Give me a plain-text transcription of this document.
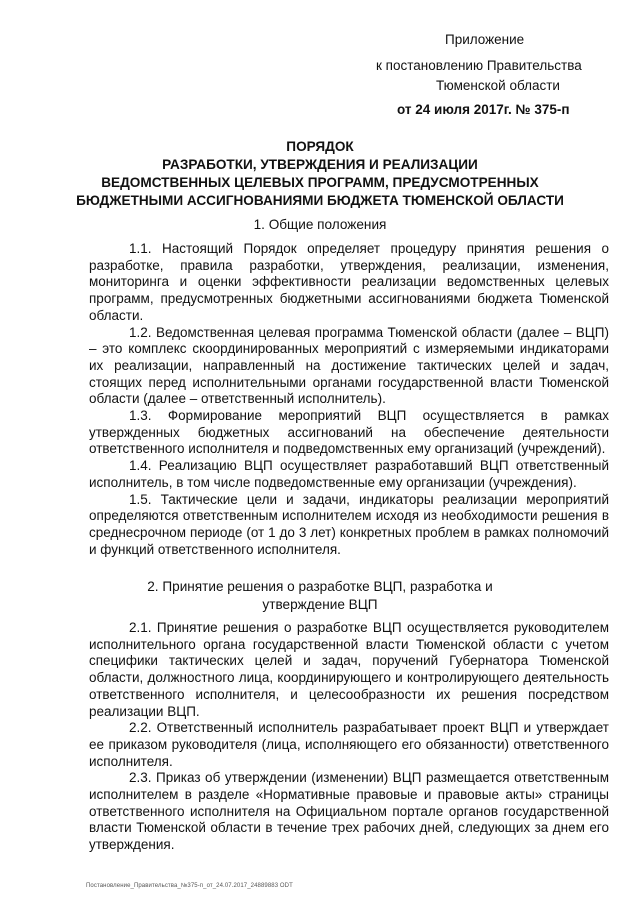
Приложение
к постановлению Правительства
Тюменской области
от 24 июля 2017г. № 375-п
ПОРЯДОК
РАЗРАБОТКИ, УТВЕРЖДЕНИЯ И РЕАЛИЗАЦИИ
ВЕДОМСТВЕННЫХ ЦЕЛЕВЫХ ПРОГРАММ, ПРЕДУСМОТРЕННЫХ
БЮДЖЕТНЫМИ АССИГНОВАНИЯМИ БЮДЖЕТА ТЮМЕНСКОЙ ОБЛАСТИ
1. Общие положения

1.1. Настоящий Порядок определяет процедуру принятия решения о разработке, правила разработки, утверждения, реализации, изменения, мониторинга и оценки эффективности реализации ведомственных целевых программ, предусмотренных бюджетными ассигнованиями бюджета Тюменской области.

1.2. Ведомственная целевая программа Тюменской области (далее – ВЦП) – это комплекс скоординированных мероприятий с измеряемыми индикаторами их реализации, направленный на достижение тактических целей и задач, стоящих перед исполнительными органами государственной власти Тюменской области (далее – ответственный исполнитель).

1.3. Формирование мероприятий ВЦП осуществляется в рамках утвержденных бюджетных ассигнований на обеспечение деятельности ответственного исполнителя и подведомственных ему организаций (учреждений).

1.4. Реализацию ВЦП осуществляет разработавший ВЦП ответственный исполнитель, в том числе подведомственные ему организации (учреждения).

1.5. Тактические цели и задачи, индикаторы реализации мероприятий определяются ответственным исполнителем исходя из необходимости решения в среднесрочном периоде (от 1 до 3 лет) конкретных проблем в рамках полномочий и функций ответственного исполнителя.

2. Принятие решения о разработке ВЦП, разработка и
утверждение ВЦП

2.1. Принятие решения о разработке ВЦП осуществляется руководителем исполнительного органа государственной власти Тюменской области с учетом специфики тактических целей и задач, поручений Губернатора Тюменской области, должностного лица, координирующего и контролирующего деятельность ответственного исполнителя, и целесообразности их решения посредством реализации ВЦП.

2.2. Ответственный исполнитель разрабатывает проект ВЦП и утверждает ее приказом руководителя (лица, исполняющего его обязанности) ответственного исполнителя.

2.3. Приказ об утверждении (изменении) ВЦП размещается ответственным исполнителем в разделе «Нормативные правовые и правовые акты» страницы ответственного исполнителя на Официальном портале органов государственной власти Тюменской области в течение трех рабочих дней, следующих за днем его утверждения.

Постановление_Правительства_№375-п_от_24.07.2017_24889883 ODT
